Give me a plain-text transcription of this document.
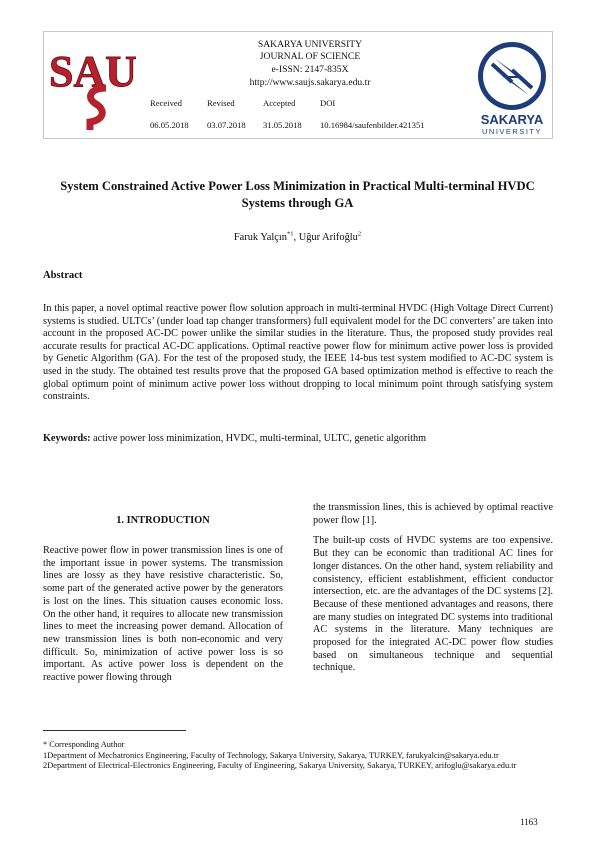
SAU
SAKARYA
UNIVERSITY
SAKARYA UNIVERSITY
JOURNAL OF SCIENCE
e-ISSN: 2147-835X
http://www.saujs.sakarya.edu.tr
Received	Revised	Accepted	DOI
06.05.2018 03.07.2018 31.05.2018 10.16984/saufenbilder.421351
System Constrained Active Power Loss Minimization in Practical Multi-terminal HVDC Systems through GA
Faruk Yalçın$^{*1}$, Uğur Arifoğlu$^2$
Abstract

In this paper, a novel optimal reactive power flow solution approach in multi-terminal HVDC (High Voltage Direct Current) systems is studied. ULTCs’ (under load tap changer transformers) full equivalent model for the DC converters’ are taken into account in the proposed AC-DC power unlike the similar studies in the literature. Thus, the proposed study provides real accurate results for practical AC-DC applications. Optimal reactive power flow for minimum active power loss is provided by Genetic Algorithm (GA). For the test of the proposed study, the IEEE 14-bus test system modified to AC-DC system is used in the study. The obtained test results prove that the proposed GA based optimization method is effective to reach the global optimum point of minimum active power loss without dropping to local minimum point through satisfying system constraints.

Keywords: active power loss minimization, HVDC, multi-terminal, ULTC, genetic algorithm
1. INTRODUCTION

Reactive power flow in power transmission lines is one of the important issue in power systems. The transmission lines are lossy as they have resistive characteristic. So, some part of the generated active power by the generators is lost on the lines. This situation causes economic loss. On the other hand, it requires to allocate new transmission lines to meet the increasing power demand. Allocation of new transmission lines is both non-economic and very difficult. So, minimization of active power loss is so important. As active power loss is dependent on the reactive power flowing through

the transmission lines, this is achieved by optimal reactive power flow [1].

The built-up costs of HVDC systems are too expensive. But they can be economic than traditional AC lines for longer distances. On the other hand, system reliability and consistency, efficient establishment, efficient conductor intersection, etc. are the advantages of the DC systems [2]. Because of these mentioned advantages and reasons, there are many studies on integrated DC systems into traditional AC systems in the literature. Many techniques are proposed for the integrated AC-DC power flow studies based on simultaneous technique and sequential technique.

* Corresponding Author
1Department of Mechatronics Engineering, Faculty of Technology, Sakarya University, Sakarya, TURKEY, farukyalcin@sakarya.edu.tr
2Department of Electrical-Electronics Engineering, Faculty of Engineering, Sakarya University, Sakarya, TURKEY, arifoglu@sakarya.edu.tr
1163
